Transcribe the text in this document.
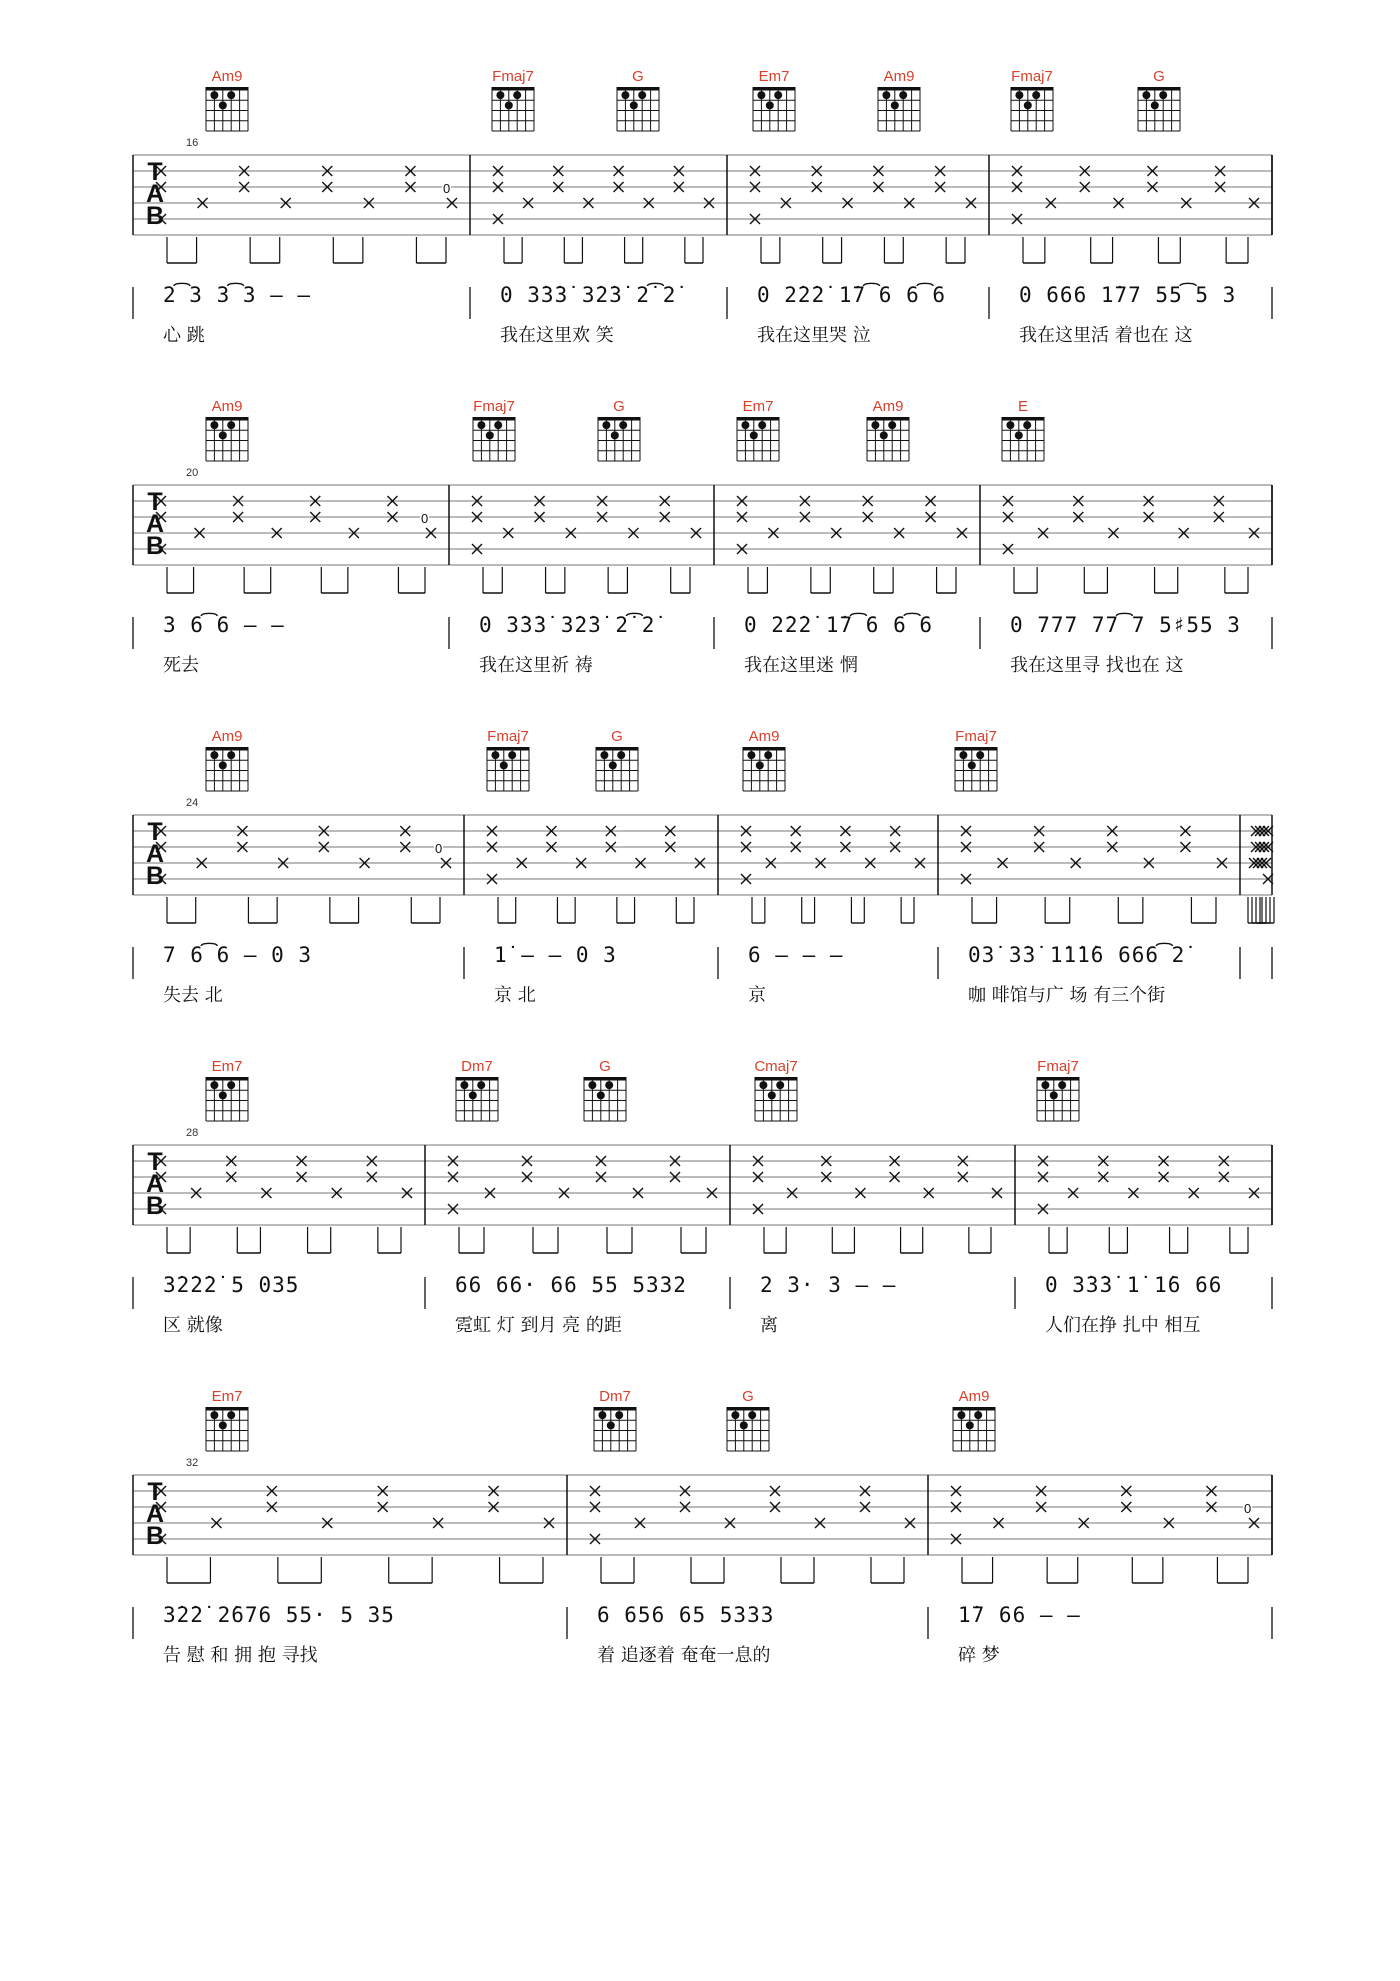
Am9	Fmaj7	G	Em7	Am9	Fmaj7	G
T
A
B
16
0
2͡3 3͡3 – –
心 跳
0 3̇3̇3̇ 3̇2̇3̇ 2̇͡2̇
我在这里欢 笑
0 2̇2̇2̇ 1̇7͡6 6͡6
我在这里哭 泣
0 666 1̇77 55͡5 3
我在这里活 着也在 这
Am9	Fmaj7	G	Em7	Am9	E
T
A
B
20
0
3 6͡6 – –
死去
0 3̇3̇3̇ 3̇2̇3̇ 2̇͡2̇
我在这里祈 祷
0 2̇2̇2̇ 1̇7͡6 6͡6
我在这里迷 惘
0 777 77͡7 5♯55 3
我在这里寻 找也在 这
Am9	Fmaj7	G	Am9	Fmaj7
T
A
B
24
0
7 6͡6 – 0 3
失去 北
1̇ – – 0 3
京 北
6 – – –
京
03̇ 3̇3̇ 1̇1̇1̇6 666͡2̇
咖 啡馆与广 场 有三个街
Em7	Dm7	G	Cmaj7	Fmaj7
T
A
B
28
3̇2̇2̇2̇ 5 035
区 就像
66 66· 66 55 5332
霓虹 灯 到月 亮 的距
2 3· 3 – –
离
0 3̇3̇3̇ 1̇ 1̇6 66
人们在挣 扎中 相互
Em7	Dm7	G	Am9
T
A
B
32
0
3̇2̇2̇ 2̇676 55· 5 35
告 慰 和 拥 抱 寻找
6 656 65 5333
着 追逐着 奄奄一息的
1̇7 66 – –
碎 梦
